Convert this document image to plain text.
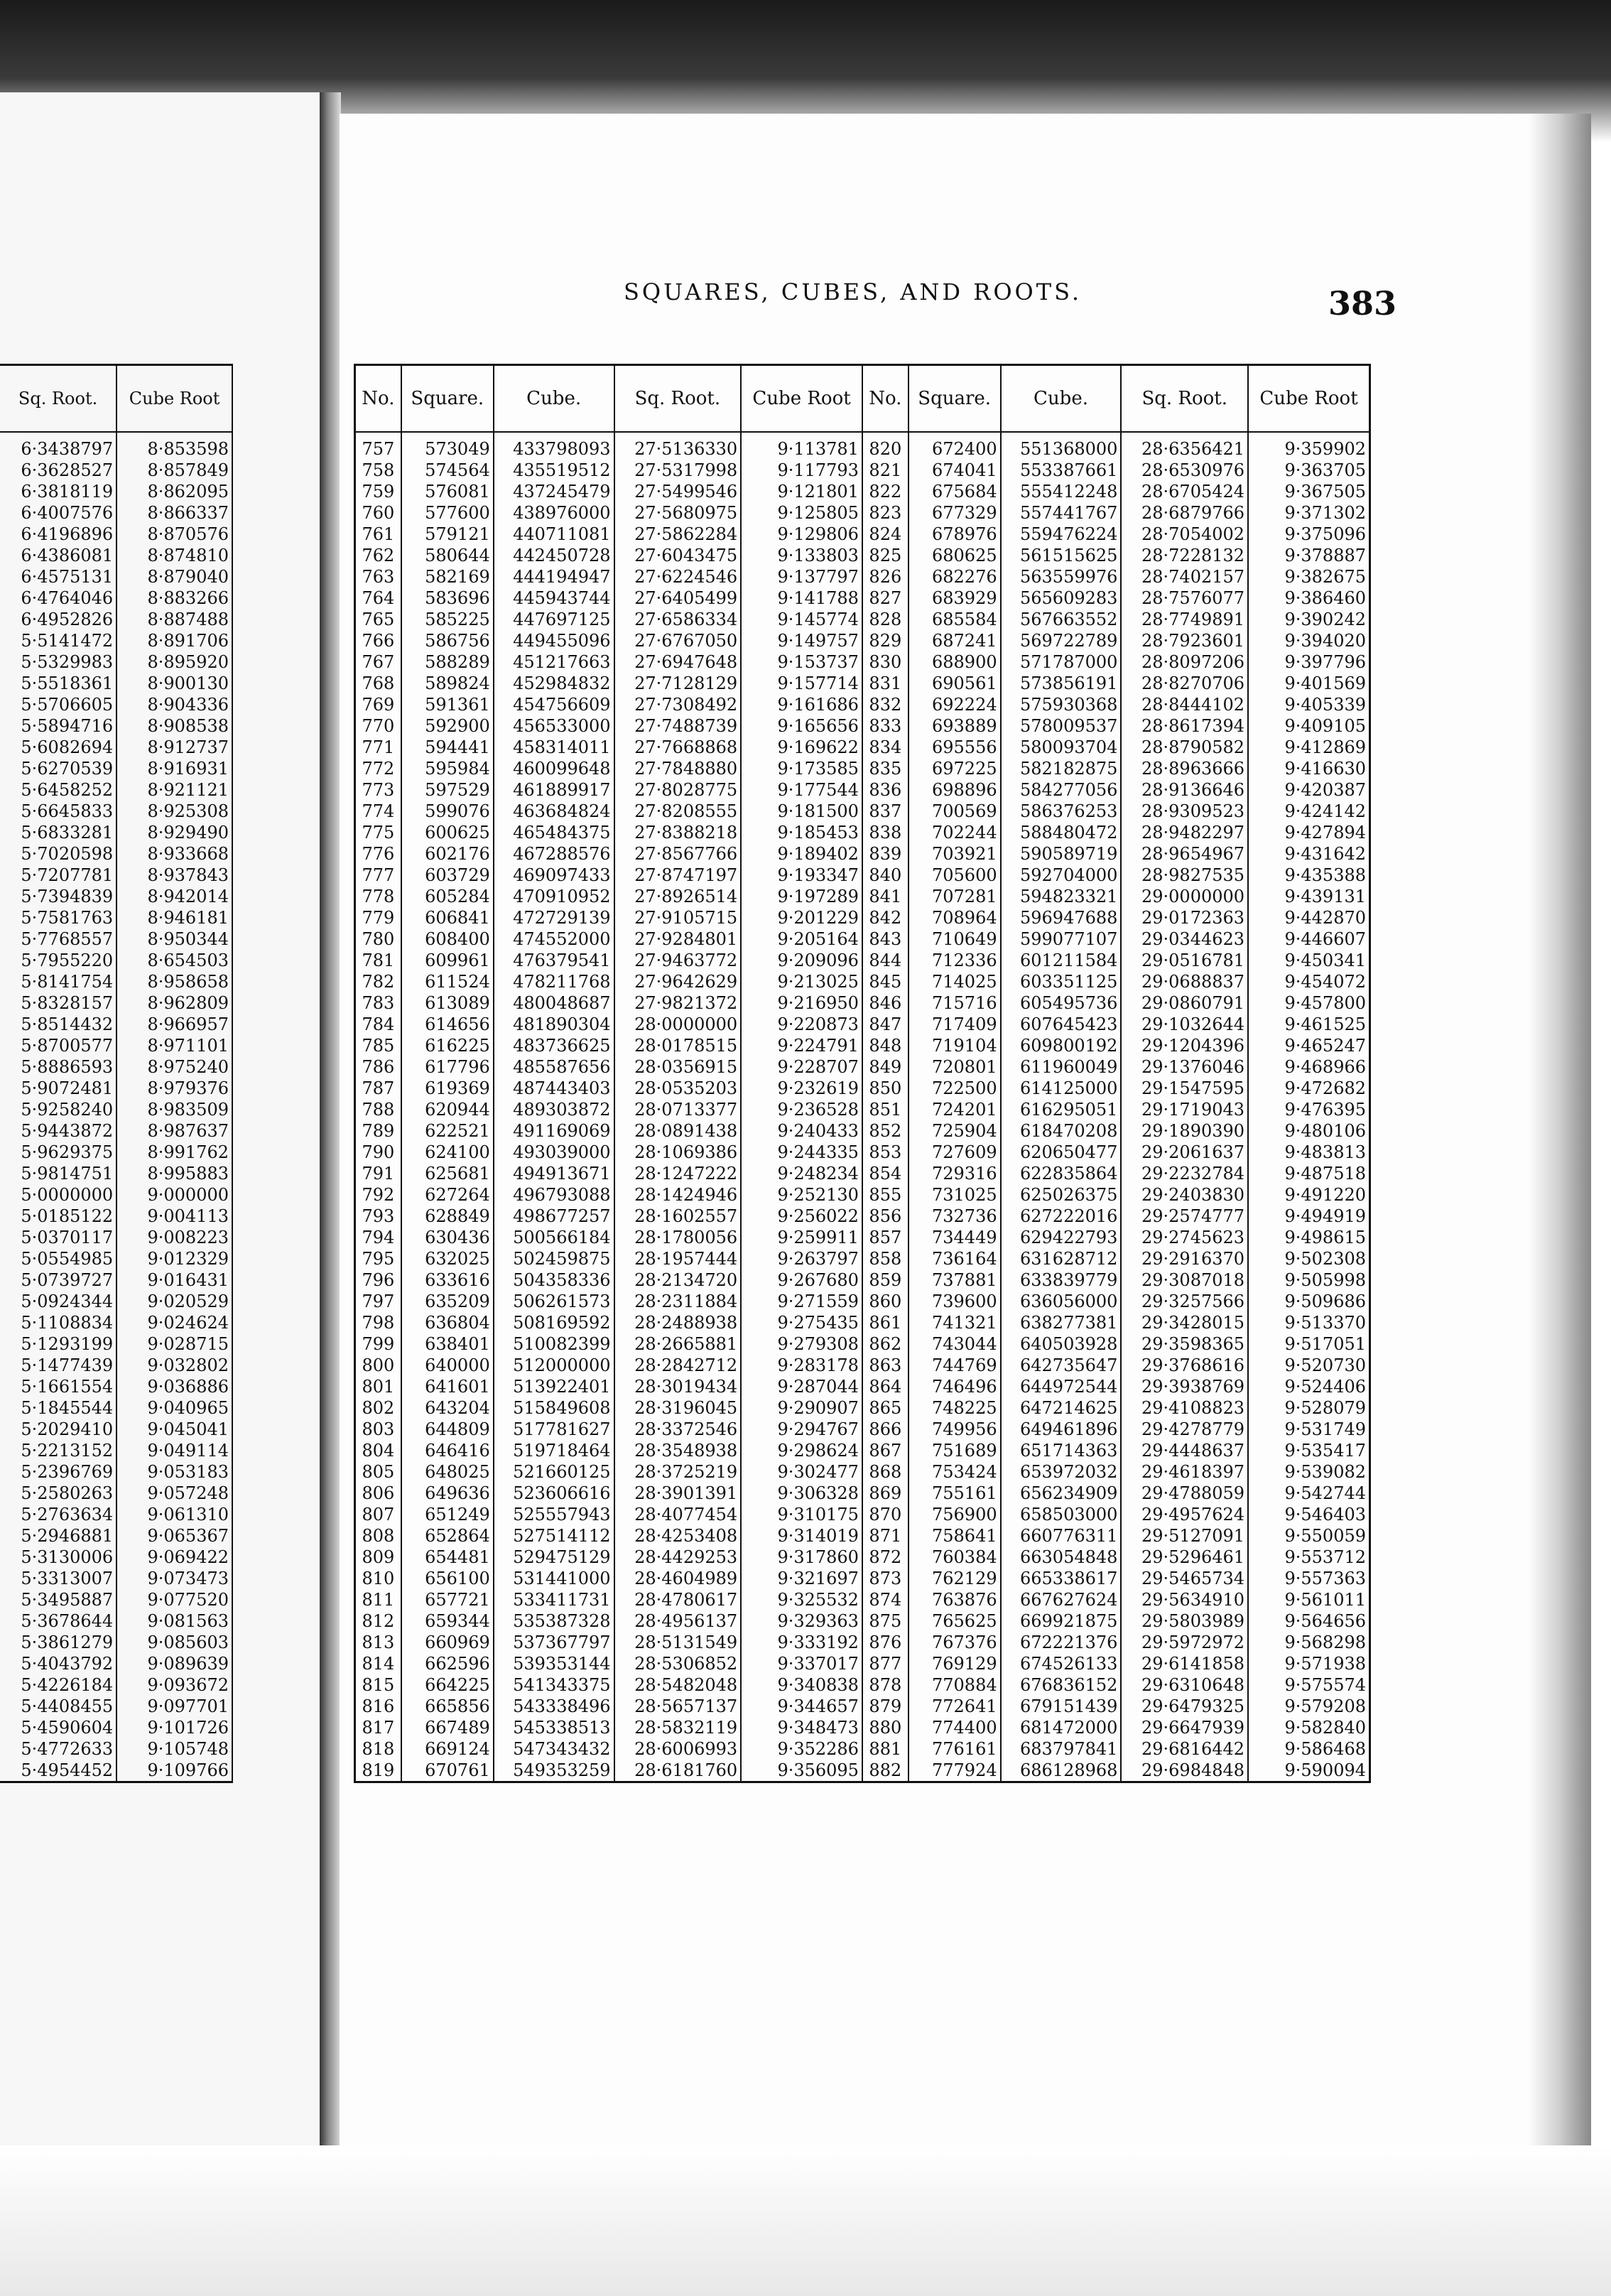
SQUARES, CUBES, AND ROOTS.	383
Sq. Root.	Cube Root

6·3438797	8·853598
6·3628527	8·857849
6·3818119	8·862095
6·4007576	8·866337
6·4196896	8·870576
6·4386081	8·874810
6·4575131	8·879040
6·4764046	8·883266
6·4952826	8·887488
5·5141472	8·891706
5·5329983	8·895920
5·5518361	8·900130
5·5706605	8·904336
5·5894716	8·908538
5·6082694	8·912737
5·6270539	8·916931
5·6458252	8·921121
5·6645833	8·925308
5·6833281	8·929490
5·7020598	8·933668
5·7207781	8·937843
5·7394839	8·942014
5·7581763	8·946181
5·7768557	8·950344
5·7955220	8·654503
5·8141754	8·958658
5·8328157	8·962809
5·8514432	8·966957
5·8700577	8·971101
5·8886593	8·975240
5·9072481	8·979376
5·9258240	8·983509
5·9443872	8·987637
5·9629375	8·991762
5·9814751	8·995883
5·0000000	9·000000
5·0185122	9·004113
5·0370117	9·008223
5·0554985	9·012329
5·0739727	9·016431
5·0924344	9·020529
5·1108834	9·024624
5·1293199	9·028715
5·1477439	9·032802
5·1661554	9·036886
5·1845544	9·040965
5·2029410	9·045041
5·2213152	9·049114
5·2396769	9·053183
5·2580263	9·057248
5·2763634	9·061310
5·2946881	9·065367
5·3130006	9·069422
5·3313007	9·073473
5·3495887	9·077520
5·3678644	9·081563
5·3861279	9·085603
5·4043792	9·089639
5·4226184	9·093672
5·4408455	9·097701
5·4590604	9·101726
5·4772633	9·105748
5·4954452	9·109766
No.	Square.	Cube.	Sq. Root.	Cube Root	No.	Square.	Cube.	Sq. Root.	Cube Root

757	573049	433798093	27·5136330	9·113781	820	672400	551368000	28·6356421	9·359902
758	574564	435519512	27·5317998	9·117793	821	674041	553387661	28·6530976	9·363705
759	576081	437245479	27·5499546	9·121801	822	675684	555412248	28·6705424	9·367505
760	577600	438976000	27·5680975	9·125805	823	677329	557441767	28·6879766	9·371302
761	579121	440711081	27·5862284	9·129806	824	678976	559476224	28·7054002	9·375096
762	580644	442450728	27·6043475	9·133803	825	680625	561515625	28·7228132	9·378887
763	582169	444194947	27·6224546	9·137797	826	682276	563559976	28·7402157	9·382675
764	583696	445943744	27·6405499	9·141788	827	683929	565609283	28·7576077	9·386460
765	585225	447697125	27·6586334	9·145774	828	685584	567663552	28·7749891	9·390242
766	586756	449455096	27·6767050	9·149757	829	687241	569722789	28·7923601	9·394020
767	588289	451217663	27·6947648	9·153737	830	688900	571787000	28·8097206	9·397796
768	589824	452984832	27·7128129	9·157714	831	690561	573856191	28·8270706	9·401569
769	591361	454756609	27·7308492	9·161686	832	692224	575930368	28·8444102	9·405339
770	592900	456533000	27·7488739	9·165656	833	693889	578009537	28·8617394	9·409105
771	594441	458314011	27·7668868	9·169622	834	695556	580093704	28·8790582	9·412869
772	595984	460099648	27·7848880	9·173585	835	697225	582182875	28·8963666	9·416630
773	597529	461889917	27·8028775	9·177544	836	698896	584277056	28·9136646	9·420387
774	599076	463684824	27·8208555	9·181500	837	700569	586376253	28·9309523	9·424142
775	600625	465484375	27·8388218	9·185453	838	702244	588480472	28·9482297	9·427894
776	602176	467288576	27·8567766	9·189402	839	703921	590589719	28·9654967	9·431642
777	603729	469097433	27·8747197	9·193347	840	705600	592704000	28·9827535	9·435388
778	605284	470910952	27·8926514	9·197289	841	707281	594823321	29·0000000	9·439131
779	606841	472729139	27·9105715	9·201229	842	708964	596947688	29·0172363	9·442870
780	608400	474552000	27·9284801	9·205164	843	710649	599077107	29·0344623	9·446607
781	609961	476379541	27·9463772	9·209096	844	712336	601211584	29·0516781	9·450341
782	611524	478211768	27·9642629	9·213025	845	714025	603351125	29·0688837	9·454072
783	613089	480048687	27·9821372	9·216950	846	715716	605495736	29·0860791	9·457800
784	614656	481890304	28·0000000	9·220873	847	717409	607645423	29·1032644	9·461525
785	616225	483736625	28·0178515	9·224791	848	719104	609800192	29·1204396	9·465247
786	617796	485587656	28·0356915	9·228707	849	720801	611960049	29·1376046	9·468966
787	619369	487443403	28·0535203	9·232619	850	722500	614125000	29·1547595	9·472682
788	620944	489303872	28·0713377	9·236528	851	724201	616295051	29·1719043	9·476395
789	622521	491169069	28·0891438	9·240433	852	725904	618470208	29·1890390	9·480106
790	624100	493039000	28·1069386	9·244335	853	727609	620650477	29·2061637	9·483813
791	625681	494913671	28·1247222	9·248234	854	729316	622835864	29·2232784	9·487518
792	627264	496793088	28·1424946	9·252130	855	731025	625026375	29·2403830	9·491220
793	628849	498677257	28·1602557	9·256022	856	732736	627222016	29·2574777	9·494919
794	630436	500566184	28·1780056	9·259911	857	734449	629422793	29·2745623	9·498615
795	632025	502459875	28·1957444	9·263797	858	736164	631628712	29·2916370	9·502308
796	633616	504358336	28·2134720	9·267680	859	737881	633839779	29·3087018	9·505998
797	635209	506261573	28·2311884	9·271559	860	739600	636056000	29·3257566	9·509686
798	636804	508169592	28·2488938	9·275435	861	741321	638277381	29·3428015	9·513370
799	638401	510082399	28·2665881	9·279308	862	743044	640503928	29·3598365	9·517051
800	640000	512000000	28·2842712	9·283178	863	744769	642735647	29·3768616	9·520730
801	641601	513922401	28·3019434	9·287044	864	746496	644972544	29·3938769	9·524406
802	643204	515849608	28·3196045	9·290907	865	748225	647214625	29·4108823	9·528079
803	644809	517781627	28·3372546	9·294767	866	749956	649461896	29·4278779	9·531749
804	646416	519718464	28·3548938	9·298624	867	751689	651714363	29·4448637	9·535417
805	648025	521660125	28·3725219	9·302477	868	753424	653972032	29·4618397	9·539082
806	649636	523606616	28·3901391	9·306328	869	755161	656234909	29·4788059	9·542744
807	651249	525557943	28·4077454	9·310175	870	756900	658503000	29·4957624	9·546403
808	652864	527514112	28·4253408	9·314019	871	758641	660776311	29·5127091	9·550059
809	654481	529475129	28·4429253	9·317860	872	760384	663054848	29·5296461	9·553712
810	656100	531441000	28·4604989	9·321697	873	762129	665338617	29·5465734	9·557363
811	657721	533411731	28·4780617	9·325532	874	763876	667627624	29·5634910	9·561011
812	659344	535387328	28·4956137	9·329363	875	765625	669921875	29·5803989	9·564656
813	660969	537367797	28·5131549	9·333192	876	767376	672221376	29·5972972	9·568298
814	662596	539353144	28·5306852	9·337017	877	769129	674526133	29·6141858	9·571938
815	664225	541343375	28·5482048	9·340838	878	770884	676836152	29·6310648	9·575574
816	665856	543338496	28·5657137	9·344657	879	772641	679151439	29·6479325	9·579208
817	667489	545338513	28·5832119	9·348473	880	774400	681472000	29·6647939	9·582840
818	669124	547343432	28·6006993	9·352286	881	776161	683797841	29·6816442	9·586468
819	670761	549353259	28·6181760	9·356095	882	777924	686128968	29·6984848	9·590094
